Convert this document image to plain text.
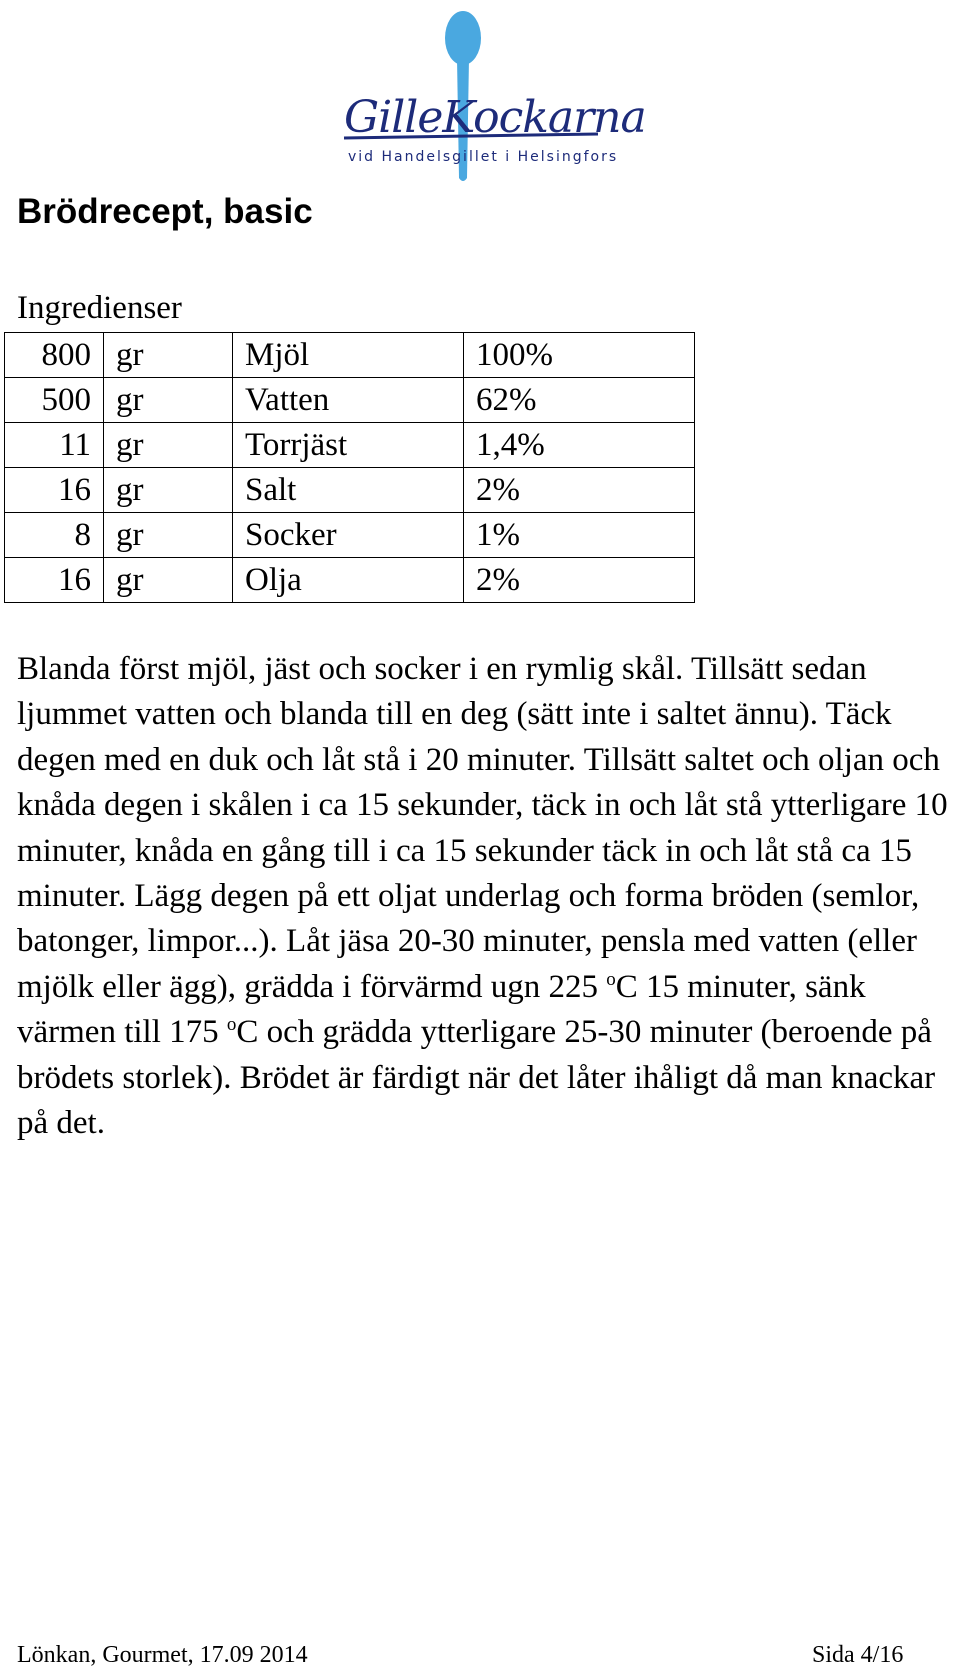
GilleKockarna
vid Handelsgillet i Helsingfors
Brödrecept, basic
Ingredienser
800	gr	Mjöl	100%
500	gr	Vatten	62%
11	gr	Torrjäst	1,4%
16	gr	Salt	2%
8	gr	Socker	1%
16	gr	Olja	2%

Blanda först mjöl, jäst och socker i en rymlig skål. Tillsätt sedan ljummet vatten och blanda till en deg (sätt inte i saltet ännu). Täck degen med en duk och låt stå i 20 minuter. Tillsätt saltet och oljan och knåda degen i skålen i ca 15 sekunder, täck in och låt stå ytterligare 10 minuter, knåda en gång till i ca 15 sekunder täck in och låt stå ca 15 minuter. Lägg degen på ett oljat underlag och forma bröden (semlor, batonger, limpor...). Låt jäsa 20-30 minuter, pensla med vatten (eller mjölk eller ägg), grädda i förvärmd ugn 225 $^o$C 15 minuter, sänk värmen till 175 $^o$C och grädda ytterligare 25-30 minuter (beroende på brödets storlek). Brödet är färdigt när det låter ihåligt då man knackar på det.

Lönkan, Gourmet, 17.09 2014	Sida 4/16
